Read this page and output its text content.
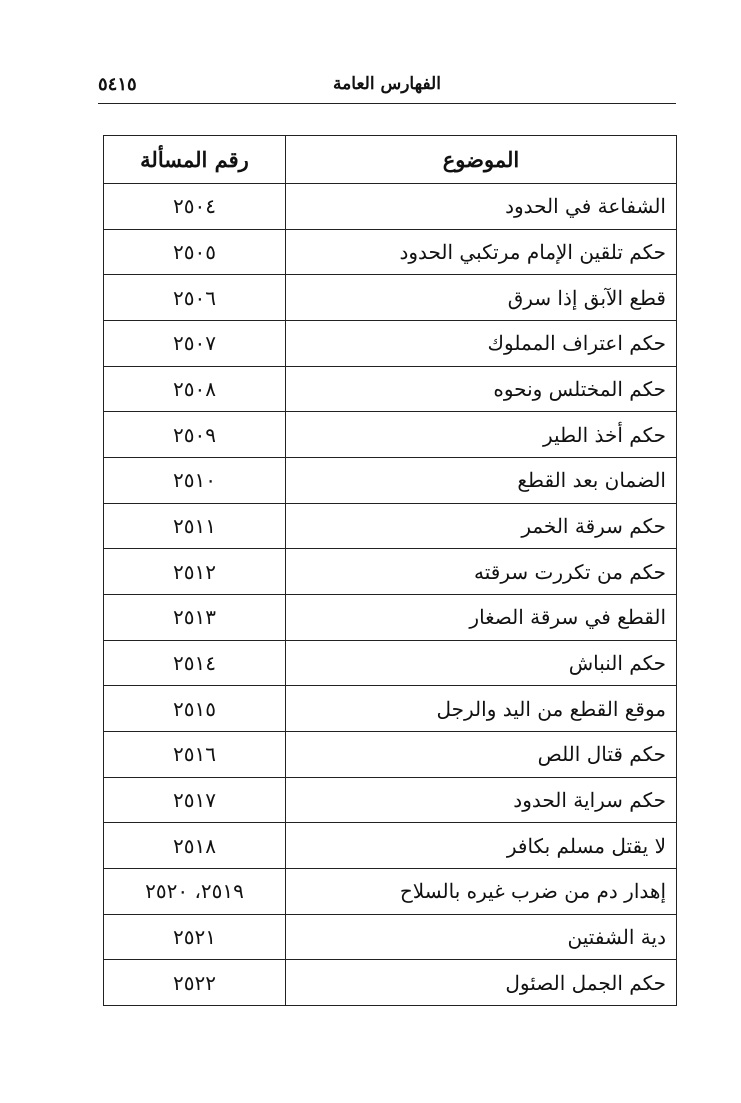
الفهارس العامة
٥٤١٥
الموضوع	رقم المسألة
الشفاعة في الحدود	٢٥٠٤
حكم تلقين الإمام مرتكبي الحدود	٢٥٠٥
قطع الآبق إذا سرق	٢٥٠٦
حكم اعتراف المملوك	٢٥٠٧
حكم المختلس ونحوه	٢٥٠٨
حكم أخذ الطير	٢٥٠٩
الضمان بعد القطع	٢٥١٠
حكم سرقة الخمر	٢٥١١
حكم من تكررت سرقته	٢٥١٢
القطع في سرقة الصغار	٢٥١٣
حكم النباش	٢٥١٤
موقع القطع من اليد والرجل	٢٥١٥
حكم قتال اللص	٢٥١٦
حكم سراية الحدود	٢٥١٧
لا يقتل مسلم بكافر	٢٥١٨
إهدار دم من ضرب غيره بالسلاح	٢٥١٩، ٢٥٢٠
دية الشفتين	٢٥٢١
حكم الجمل الصئول	٢٥٢٢
